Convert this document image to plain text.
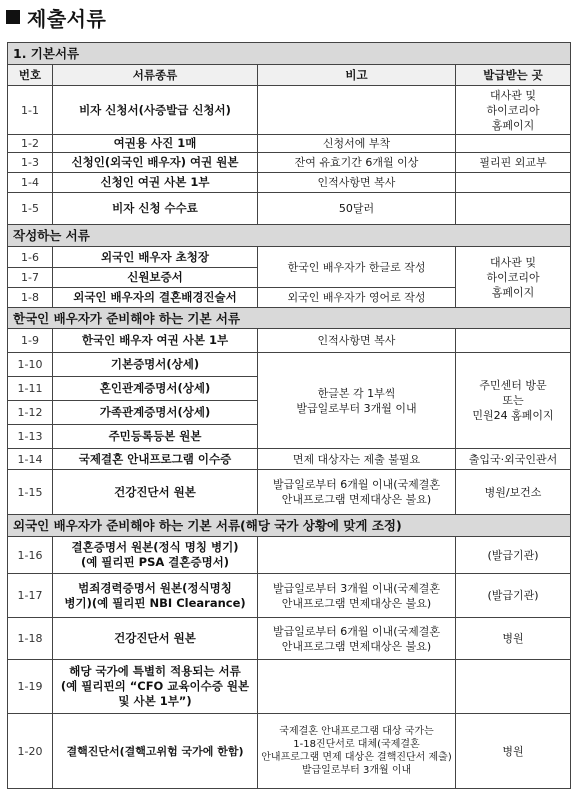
제출서류
1. 기본서류			
번호	서류종류	비고	발급받는 곳
1-1	비자 신청서(사증발급 신청서)		대사관 및
하이코리아
홈페이지
1-2	여권용 사진 1매	신청서에 부착	
1-3	신청인(외국인 배우자) 여권 원본	잔여 유효기간 6개월 이상	필리핀 외교부
1-4	신청인 여권 사본 1부	인적사항면 복사	
1-5	비자 신청 수수료	50달러	
작성하는 서류			
1-6	외국인 배우자 초청장	한국인 배우자가 한글로 작성	대사관 및
하이코리아
홈페이지
1-7	신원보증서		
1-8	외국인 배우자의 결혼배경진술서	외국인 배우자가 영어로 작성	
한국인 배우자가 준비해야 하는 기본 서류			
1-9	한국인 배우자 여권 사본 1부	인적사항면 복사	
1-10	기본증명서(상세)	한글본 각 1부씩
발급일로부터 3개월 이내	주민센터 방문
또는
민원24 홈페이지
1-11	혼인관계증명서(상세)		
1-12	가족관계증명서(상세)		
1-13	주민등록등본 원본		
1-14	국제결혼 안내프로그램 이수증	면제 대상자는 제출 불필요	출입국·외국인관서
1-15	건강진단서 원본	발급일로부터 6개월 이내(국제결혼
안내프로그램 면제대상은 불요)	병원/보건소
외국인 배우자가 준비해야 하는 기본 서류(해당 국가 상황에 맞게 조정)			
1-16	결혼증명서 원본(정식 명칭 병기)
(예 필리핀 PSA 결혼증명서)		(발급기관)
1-17	범죄경력증명서 원본(정식명칭
병기)(예 필리핀 NBI Clearance)	발급일로부터 3개월 이내(국제결혼
안내프로그램 면제대상은 불요)	(발급기관)
1-18	건강진단서 원본	발급일로부터 6개월 이내(국제결혼
안내프로그램 면제대상은 불요)	병원
1-19	해당 국가에 특별히 적용되는 서류
(예 필리핀의 “CFO 교육이수증 원본
및 사본 1부”)		
1-20	결핵진단서(결핵고위험 국가에 한함)	국제결혼 안내프로그램 대상 국가는
1-18진단서로 대체(국제결혼
안내프로그램 면제 대상은 결핵진단서 제출)
발급일로부터 3개월 이내	병원
